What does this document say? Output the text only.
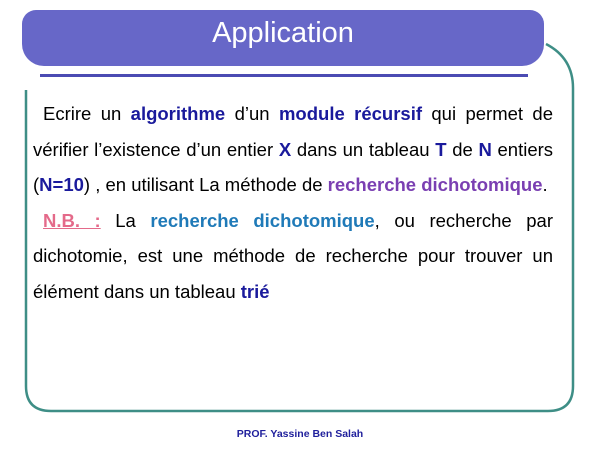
Application

Ecrire un algorithme d’un module récursif qui permet de vérifier l’existence d’un entier X dans un tableau T de N entiers (N=10) , en utilisant La méthode de recherche dichotomique.

N.B. : La recherche dichotomique, ou recherche par dichotomie, est une méthode de recherche pour trouver un élément dans un tableau trié

PROF. Yassine Ben Salah
